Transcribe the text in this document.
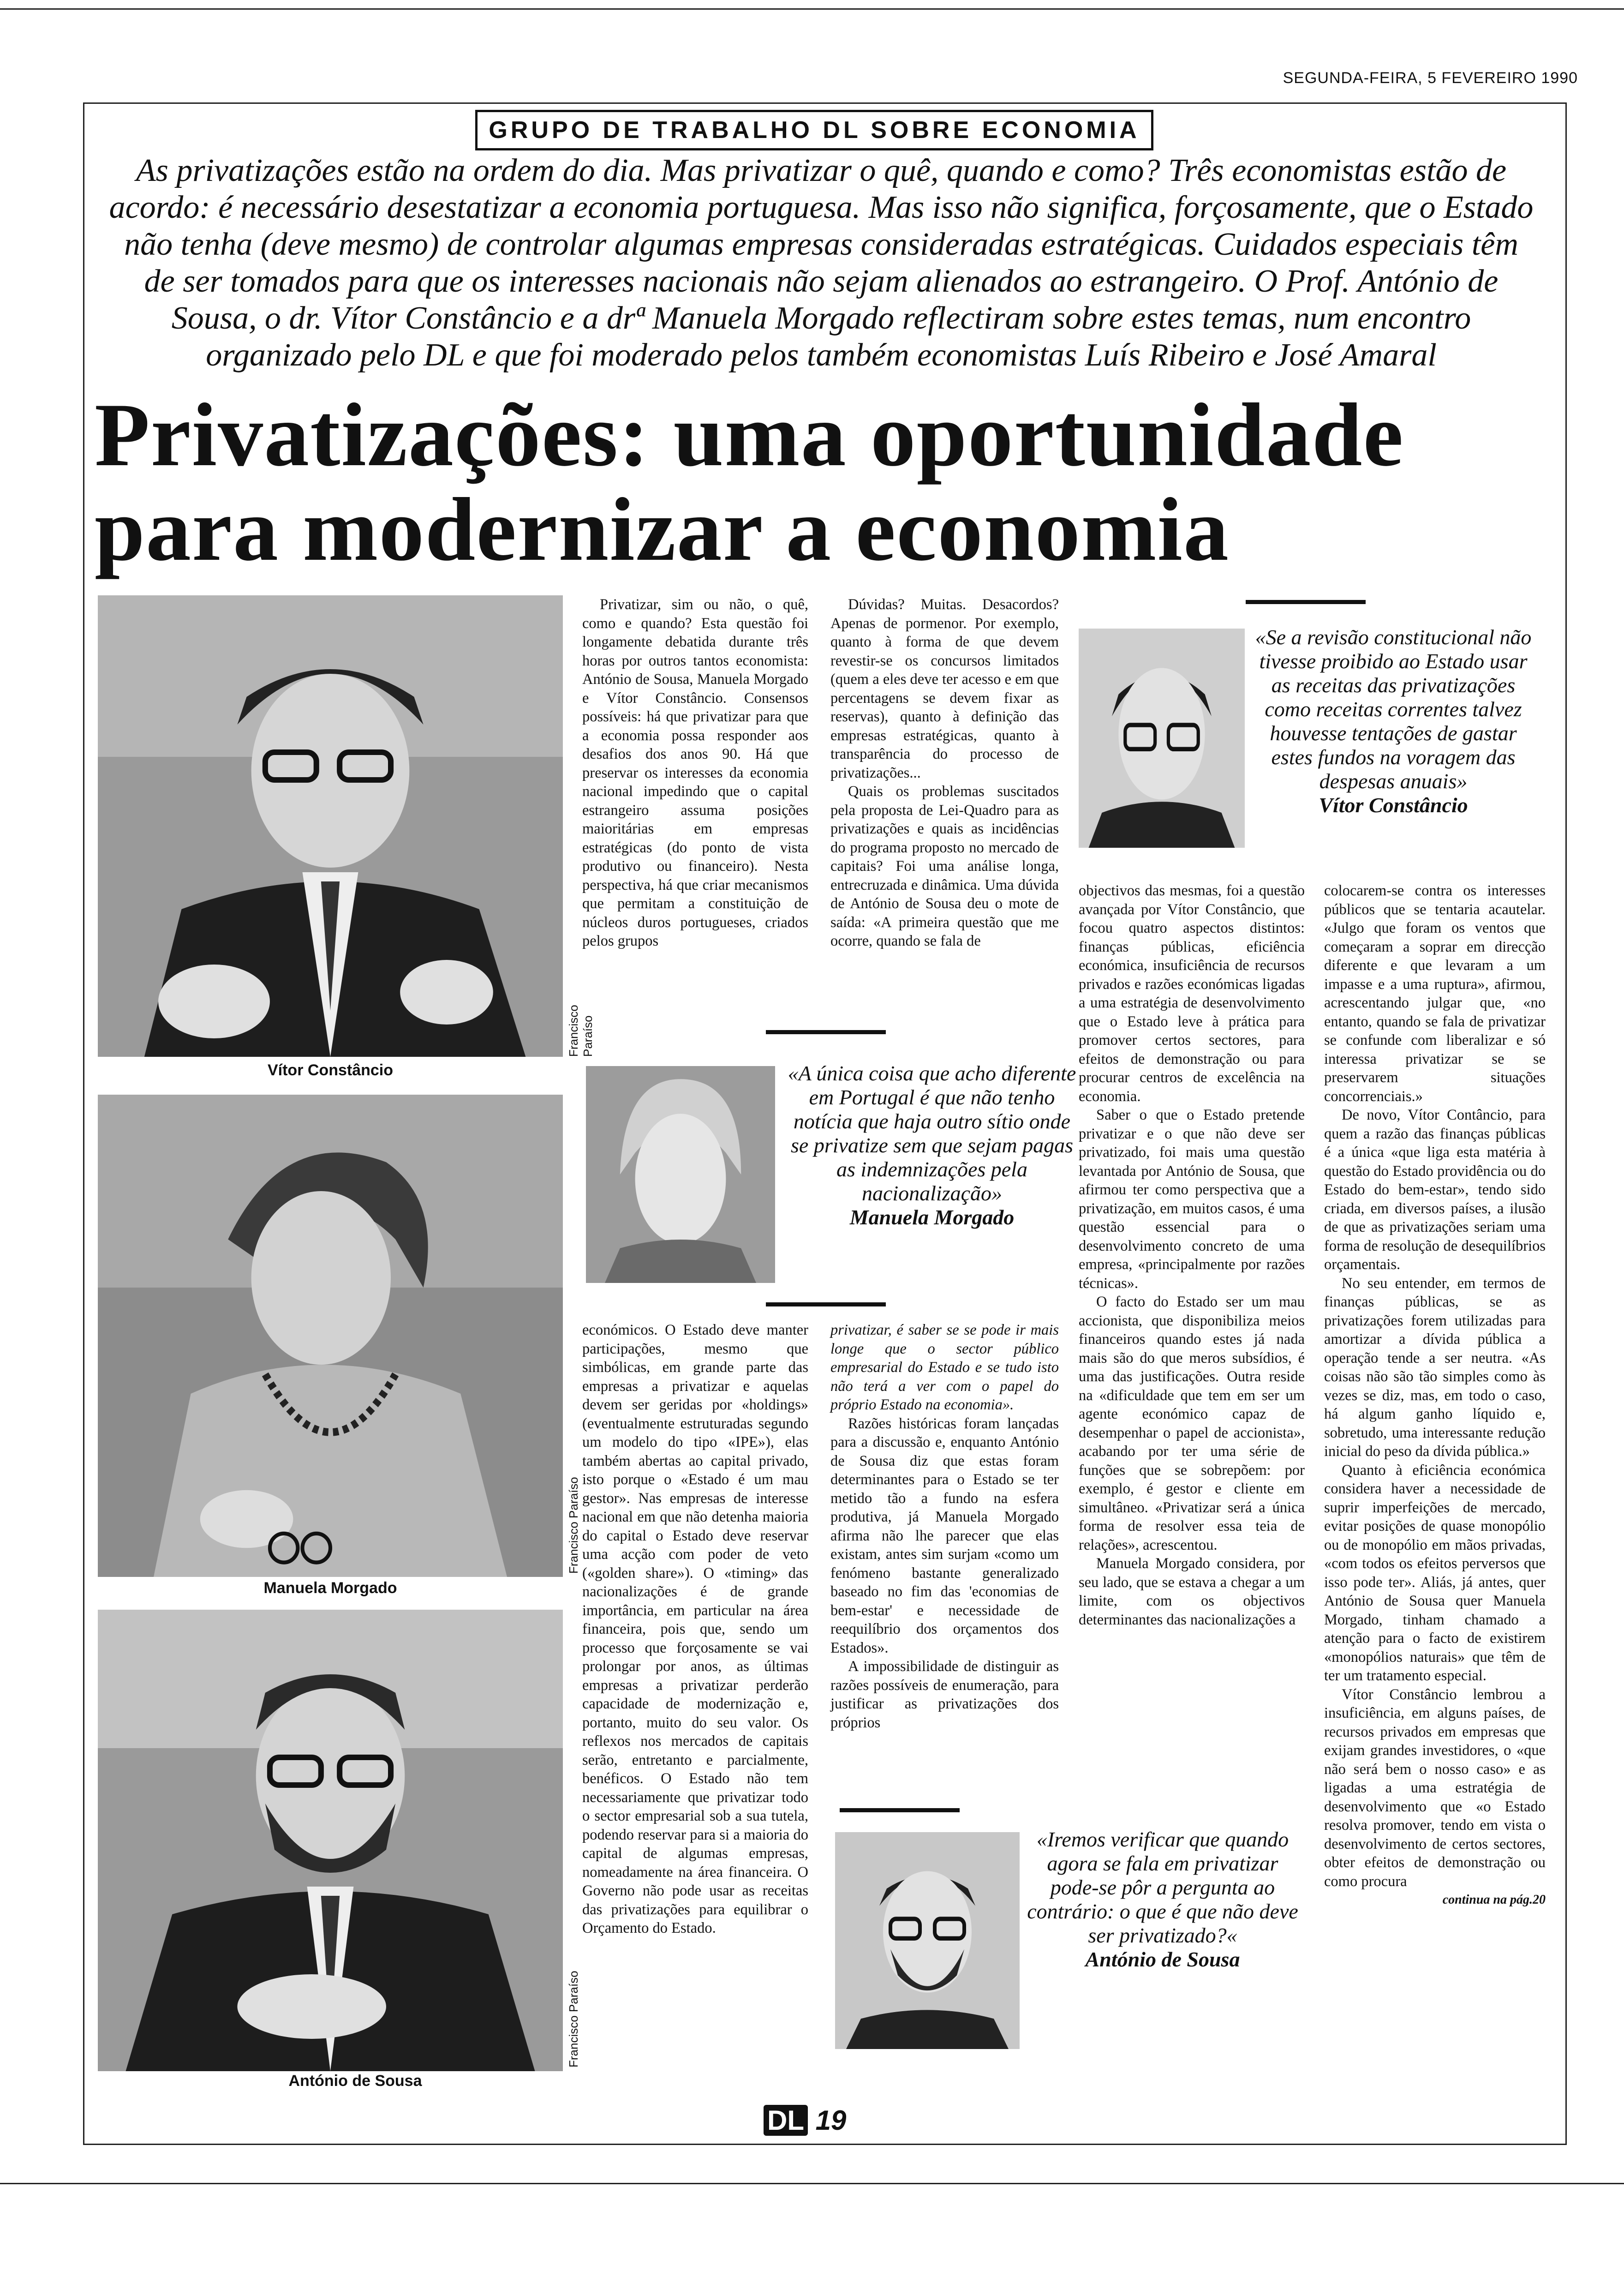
SEGUNDA-FEIRA, 5 FEVEREIRO 1990
GRUPO DE TRABALHO DL SOBRE ECONOMIA
As privatizações estão na ordem do dia. Mas privatizar o quê, quando e como? Três economistas estão de acordo: é necessário desestatizar a economia portuguesa. Mas isso não significa, forçosamente, que o Estado não tenha (deve mesmo) de controlar algumas empresas consideradas estratégicas. Cuidados especiais têm de ser tomados para que os interesses nacionais não sejam alienados ao estrangeiro. O Prof. António de Sousa, o dr. Vítor Constâncio e a drª Manuela Morgado reflectiram sobre estes temas, num encontro organizado pelo DL e que foi moderado pelos também economistas Luís Ribeiro e José Amaral
Privatizações: uma oportunidade
para modernizar a economia
Francisco Paraíso
Vítor Constâncio
Francisco Paraíso
Manuela Morgado
Francisco Paraíso
António de Sousa

Privatizar, sim ou não, o quê, como e quando? Esta questão foi longamente debatida durante três horas por outros tantos economista: António de Sousa, Manuela Morgado e Vítor Constâncio. Consensos possíveis: há que privatizar para que a economia possa responder aos desafios dos anos 90. Há que preservar os interesses da economia nacional impedindo que o capital estrangeiro assuma posições maioritárias em empresas estratégicas (do ponto de vista produtivo ou financeiro). Nesta perspectiva, há que criar mecanismos que permitam a constituição de núcleos duros portugueses, criados pelos grupos

Dúvidas? Muitas. Desacordos? Apenas de pormenor. Por exemplo, quanto à forma de que devem revestir-se os concursos limitados (quem a eles deve ter acesso e em que percentagens se devem fixar as reservas), quanto à definição das empresas estratégicas, quanto à transparência do processo de privatizações...

Quais os problemas suscitados pela proposta de Lei-Quadro para as privatizações e quais as incidências do programa proposto no mercado de capitais? Foi uma análise longa, entrecruzada e dinâmica. Uma dúvida de António de Sousa deu o mote de saída: «A primeira questão que me ocorre, quando se fala de

«Se a revisão constitucional não tivesse proibido ao Estado usar as receitas das privatizações como receitas correntes talvez houvesse tentações de gastar estes fundos na voragem das despesas anuais»
Vítor Constâncio
«A única coisa que acho diferente em Portugal é que não tenho notícia que haja outro sítio onde se privatize sem que sejam pagas as indemnizações pela nacionalização»
Manuela Morgado

económicos. O Estado deve manter participações, mesmo que simbólicas, em grande parte das empresas a privatizar e aquelas devem ser geridas por «holdings» (eventualmente estruturadas segundo um modelo do tipo «IPE»), elas também abertas ao capital privado, isto porque o «Estado é um mau gestor». Nas empresas de interesse nacional em que não detenha maioria do capital o Estado deve reservar uma acção com poder de veto («golden share»). O «timing» das nacionalizações é de grande importância, em particular na área financeira, pois que, sendo um processo que forçosamente se vai prolongar por anos, as últimas empresas a privatizar perderão capacidade de modernização e, portanto, muito do seu valor. Os reflexos nos mercados de capitais serão, entretanto e parcialmente, benéficos. O Estado não tem necessariamente que privatizar todo o sector empresarial sob a sua tutela, podendo reservar para si a maioria do capital de algumas empresas, nomeadamente na área financeira. O Governo não pode usar as receitas das privatizações para equilibrar o Orçamento do Estado.

privatizar, é saber se se pode ir mais longe que o sector público empresarial do Estado e se tudo isto não terá a ver com o papel do próprio Estado na economia».

Razões históricas foram lançadas para a discussão e, enquanto António de Sousa diz que estas foram determinantes para o Estado se ter metido tão a fundo na esfera produtiva, já Manuela Morgado afirma não lhe parecer que elas existam, antes sim surjam «como um fenómeno bastante generalizado baseado no fim das 'economias de bem-estar' e necessidade de reequilíbrio dos orçamentos dos Estados».

A impossibilidade de distinguir as razões possíveis de enumeração, para justificar as privatizações dos próprios

objectivos das mesmas, foi a questão avançada por Vítor Constâncio, que focou quatro aspectos distintos: finanças públicas, eficiência económica, insuficiência de recursos privados e razões económicas ligadas a uma estratégia de desenvolvimento que o Estado leve à prática para promover certos sectores, para efeitos de demonstração ou para procurar centros de excelência na economia.

Saber o que o Estado pretende privatizar e o que não deve ser privatizado, foi mais uma questão levantada por António de Sousa, que afirmou ter como perspectiva que a privatização, em muitos casos, é uma questão essencial para o desenvolvimento concreto de uma empresa, «principalmente por razões técnicas».

O facto do Estado ser um mau accionista, que disponibiliza meios financeiros quando estes já nada mais são do que meros subsídios, é uma das justificações. Outra reside na «dificuldade que tem em ser um agente económico capaz de desempenhar o papel de accionista», acabando por ter uma série de funções que se sobrepõem: por exemplo, é gestor e cliente em simultâneo. «Privatizar será a única forma de resolver essa teia de relações», acrescentou.

Manuela Morgado considera, por seu lado, que se estava a chegar a um limite, com os objectivos determinantes das nacionalizações a

colocarem-se contra os interesses públicos que se tentaria acautelar. «Julgo que foram os ventos que começaram a soprar em direcção diferente e que levaram a um impasse e a uma ruptura», afirmou, acrescentando julgar que, «no entanto, quando se fala de privatizar se confunde com liberalizar e só interessa privatizar se se preservarem situações concorrenciais.»

De novo, Vítor Contâncio, para quem a razão das finanças públicas é a única «que liga esta matéria à questão do Estado providência ou do Estado do bem-estar», tendo sido criada, em diversos países, a ilusão de que as privatizações seriam uma forma de resolução de desequilíbrios orçamentais.

No seu entender, em termos de finanças públicas, se as privatizações forem utilizadas para amortizar a dívida pública a operação tende a ser neutra. «As coisas não são tão simples como às vezes se diz, mas, em todo o caso, há algum ganho líquido e, sobretudo, uma interessante redução inicial do peso da dívida pública.»

Quanto à eficiência económica considera haver a necessidade de suprir imperfeições de mercado, evitar posições de quase monopólio ou de monopólio em mãos privadas, «com todos os efeitos perversos que isso pode ter». Aliás, já antes, quer António de Sousa quer Manuela Morgado, tinham chamado a atenção para o facto de existirem «monopólios naturais» que têm de ter um tratamento especial.

Vítor Constâncio lembrou a insuficiência, em alguns países, de recursos privados em empresas que exijam grandes investidores, o «que não será bem o nosso caso» e as ligadas a uma estratégia de desenvolvimento que «o Estado resolva promover, tendo em vista o desenvolvimento de certos sectores, obter efeitos de demonstração ou como procura

continua na pág.20
«Iremos verificar que quando agora se fala em privatizar pode-se pôr a pergunta ao contrário: o que é que não deve ser privatizado?«
António de Sousa
DL 19
